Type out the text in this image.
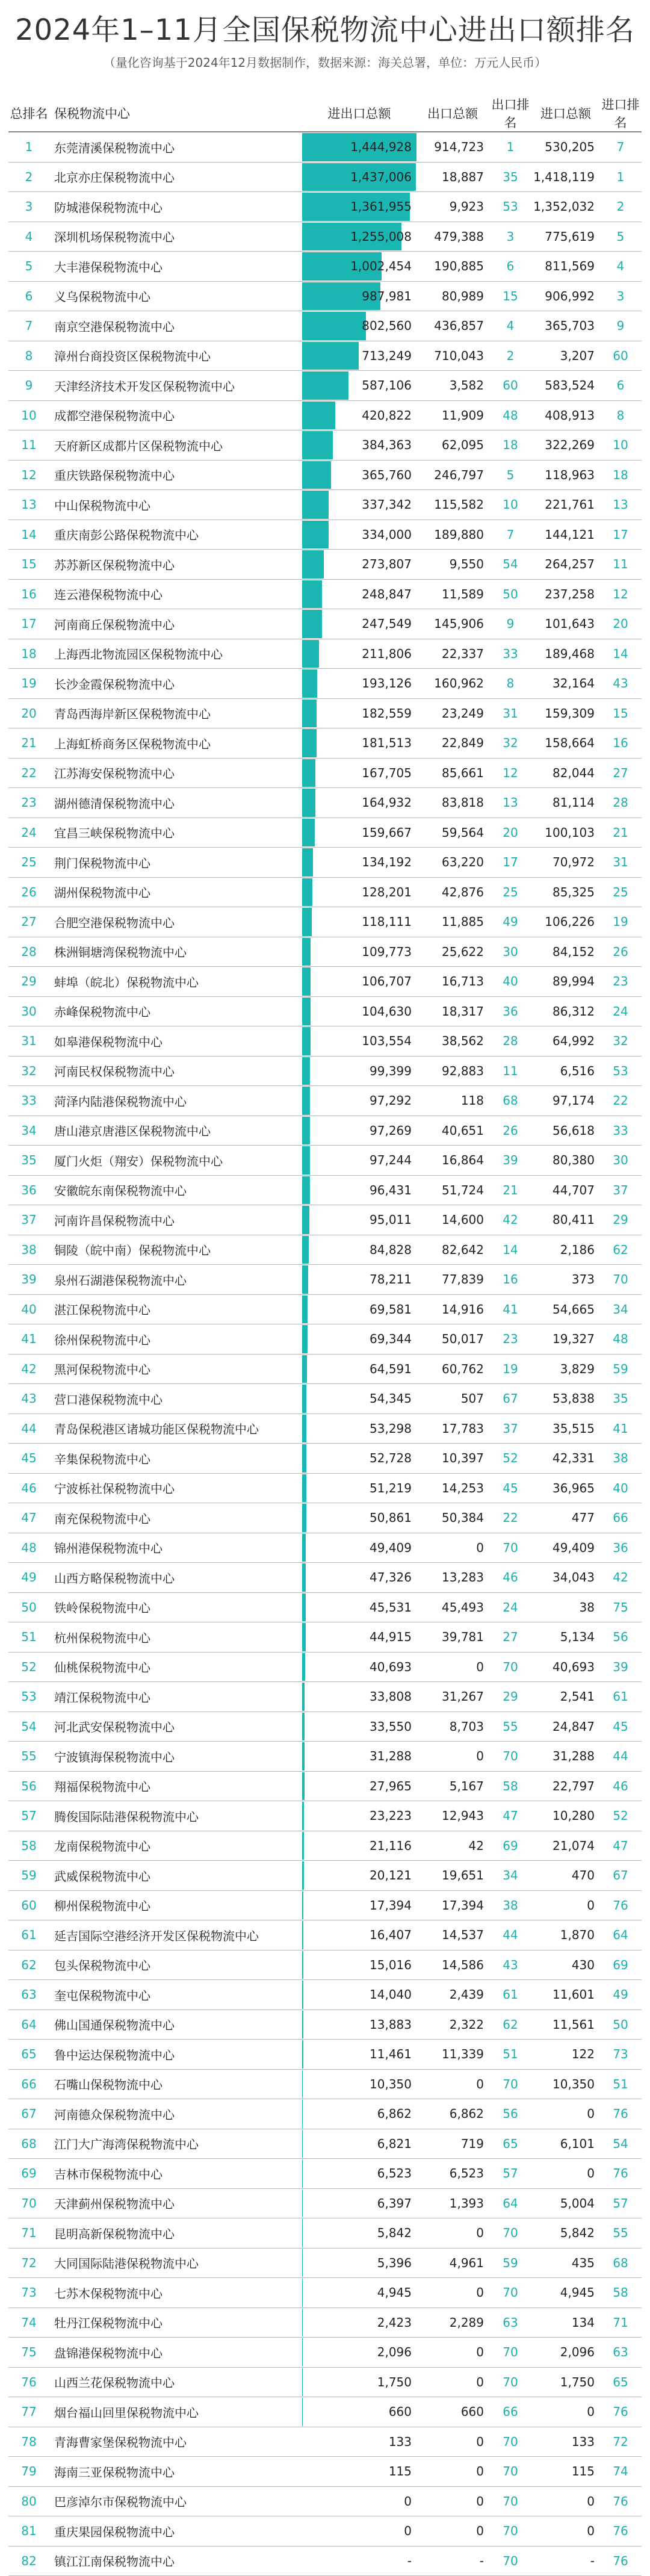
2024年1–11月全国保税物流中心进出口额排名
（量化咨询基于2024年12月数据制作，数据来源：海关总署，单位：万元人民币）
总排名	保税物流中心	进出口总额	出口总额	出口排名	进口总额	进口排名
1	东莞清溪保税物流中心	1,444,928	914,723	1	530,205	7
2	北京亦庄保税物流中心	1,437,006	18,887	35	1,418,119	1
3	防城港保税物流中心	1,361,955	9,923	53	1,352,032	2
4	深圳机场保税物流中心	1,255,008	479,388	3	775,619	5
5	大丰港保税物流中心	1,002,454	190,885	6	811,569	4
6	义乌保税物流中心	987,981	80,989	15	906,992	3
7	南京空港保税物流中心	802,560	436,857	4	365,703	9
8	漳州台商投资区保税物流中心	713,249	710,043	2	3,207	60
9	天津经济技术开发区保税物流中心	587,106	3,582	60	583,524	6
10	成都空港保税物流中心	420,822	11,909	48	408,913	8
11	天府新区成都片区保税物流中心	384,363	62,095	18	322,269	10
12	重庆铁路保税物流中心	365,760	246,797	5	118,963	18
13	中山保税物流中心	337,342	115,582	10	221,761	13
14	重庆南彭公路保税物流中心	334,000	189,880	7	144,121	17
15	苏苏新区保税物流中心	273,807	9,550	54	264,257	11
16	连云港保税物流中心	248,847	11,589	50	237,258	12
17	河南商丘保税物流中心	247,549	145,906	9	101,643	20
18	上海西北物流园区保税物流中心	211,806	22,337	33	189,468	14
19	长沙金霞保税物流中心	193,126	160,962	8	32,164	43
20	青岛西海岸新区保税物流中心	182,559	23,249	31	159,309	15
21	上海虹桥商务区保税物流中心	181,513	22,849	32	158,664	16
22	江苏海安保税物流中心	167,705	85,661	12	82,044	27
23	湖州德清保税物流中心	164,932	83,818	13	81,114	28
24	宜昌三峡保税物流中心	159,667	59,564	20	100,103	21
25	荆门保税物流中心	134,192	63,220	17	70,972	31
26	湖州保税物流中心	128,201	42,876	25	85,325	25
27	合肥空港保税物流中心	118,111	11,885	49	106,226	19
28	株洲铜塘湾保税物流中心	109,773	25,622	30	84,152	26
29	蚌埠（皖北）保税物流中心	106,707	16,713	40	89,994	23
30	赤峰保税物流中心	104,630	18,317	36	86,312	24
31	如皋港保税物流中心	103,554	38,562	28	64,992	32
32	河南民权保税物流中心	99,399	92,883	11	6,516	53
33	菏泽内陆港保税物流中心	97,292	118	68	97,174	22
34	唐山港京唐港区保税物流中心	97,269	40,651	26	56,618	33
35	厦门火炬（翔安）保税物流中心	97,244	16,864	39	80,380	30
36	安徽皖东南保税物流中心	96,431	51,724	21	44,707	37
37	河南许昌保税物流中心	95,011	14,600	42	80,411	29
38	铜陵（皖中南）保税物流中心	84,828	82,642	14	2,186	62
39	泉州石湖港保税物流中心	78,211	77,839	16	373	70
40	湛江保税物流中心	69,581	14,916	41	54,665	34
41	徐州保税物流中心	69,344	50,017	23	19,327	48
42	黑河保税物流中心	64,591	60,762	19	3,829	59
43	营口港保税物流中心	54,345	507	67	53,838	35
44	青岛保税港区诸城功能区保税物流中心	53,298	17,783	37	35,515	41
45	辛集保税物流中心	52,728	10,397	52	42,331	38
46	宁波栎社保税物流中心	51,219	14,253	45	36,965	40
47	南充保税物流中心	50,861	50,384	22	477	66
48	锦州港保税物流中心	49,409	0	70	49,409	36
49	山西方略保税物流中心	47,326	13,283	46	34,043	42
50	铁岭保税物流中心	45,531	45,493	24	38	75
51	杭州保税物流中心	44,915	39,781	27	5,134	56
52	仙桃保税物流中心	40,693	0	70	40,693	39
53	靖江保税物流中心	33,808	31,267	29	2,541	61
54	河北武安保税物流中心	33,550	8,703	55	24,847	45
55	宁波镇海保税物流中心	31,288	0	70	31,288	44
56	翔福保税物流中心	27,965	5,167	58	22,797	46
57	腾俊国际陆港保税物流中心	23,223	12,943	47	10,280	52
58	龙南保税物流中心	21,116	42	69	21,074	47
59	武威保税物流中心	20,121	19,651	34	470	67
60	柳州保税物流中心	17,394	17,394	38	0	76
61	延吉国际空港经济开发区保税物流中心	16,407	14,537	44	1,870	64
62	包头保税物流中心	15,016	14,586	43	430	69
63	奎屯保税物流中心	14,040	2,439	61	11,601	49
64	佛山国通保税物流中心	13,883	2,322	62	11,561	50
65	鲁中运达保税物流中心	11,461	11,339	51	122	73
66	石嘴山保税物流中心	10,350	0	70	10,350	51
67	河南德众保税物流中心	6,862	6,862	56	0	76
68	江门大广海湾保税物流中心	6,821	719	65	6,101	54
69	吉林市保税物流中心	6,523	6,523	57	0	76
70	天津蓟州保税物流中心	6,397	1,393	64	5,004	57
71	昆明高新保税物流中心	5,842	0	70	5,842	55
72	大同国际陆港保税物流中心	5,396	4,961	59	435	68
73	七苏木保税物流中心	4,945	0	70	4,945	58
74	牡丹江保税物流中心	2,423	2,289	63	134	71
75	盘锦港保税物流中心	2,096	0	70	2,096	63
76	山西兰花保税物流中心	1,750	0	70	1,750	65
77	烟台福山回里保税物流中心	660	660	66	0	76
78	青海曹家堡保税物流中心	133	0	70	133	72
79	海南三亚保税物流中心	115	0	70	115	74
80	巴彦淖尔市保税物流中心	0	0	70	0	76
81	重庆果园保税物流中心	0	0	70	0	76
82	镇江江南保税物流中心	-	-	70	-	76
